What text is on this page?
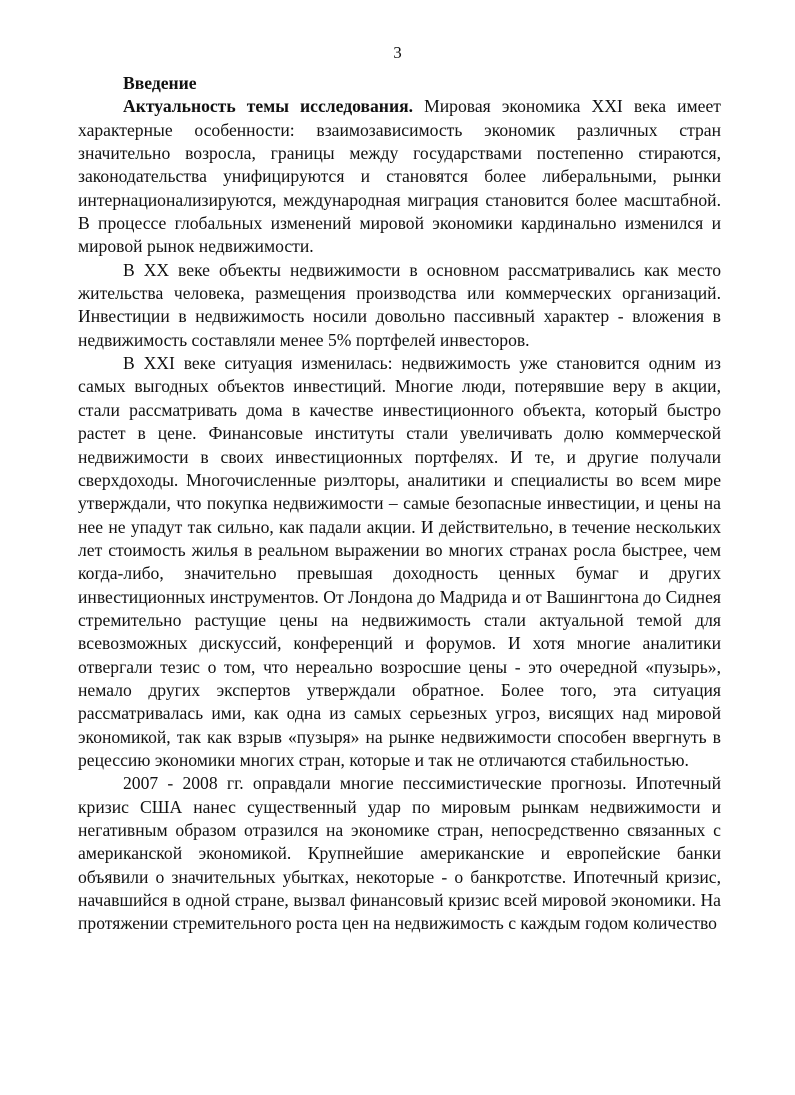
3
Введение

Актуальность темы исследования. Мировая экономика XXI века имеет характерные особенности: взаимозависимость экономик различных стран значительно возросла, границы между государствами постепенно стираются, законодательства унифицируются и становятся более либеральными, рынки интернационализируются, международная миграция становится более масштабной. В процессе глобальных изменений мировой экономики кардинально изменился и мировой рынок недвижимости.

В XX веке объекты недвижимости в основном рассматривались как место жительства человека, размещения производства или коммерческих организаций. Инвестиции в недвижимость носили довольно пассивный характер - вложения в недвижимость составляли менее 5% портфелей инвесторов.

В XXI веке ситуация изменилась: недвижимость уже становится одним из самых выгодных объектов инвестиций. Многие люди, потерявшие веру в акции, стали рассматривать дома в качестве инвестиционного объекта, который быстро растет в цене. Финансовые институты стали увеличивать долю коммерческой недвижимости в своих инвестиционных портфелях. И те, и другие получали сверхдоходы. Многочисленные риэлторы, аналитики и специалисты во всем мире утверждали, что покупка недвижимости – самые безопасные инвестиции, и цены на нее не упадут так сильно, как падали акции. И действительно, в течение нескольких лет стоимость жилья в реальном выражении во многих странах росла быстрее, чем когда-либо, значительно превышая доходность ценных бумаг и других инвестиционных инструментов. От Лондона до Мадрида и от Вашингтона до Сиднея стремительно растущие цены на недвижимость стали актуальной темой для всевозможных дискуссий, конференций и форумов. И хотя многие аналитики отвергали тезис о том, что нереально возросшие цены - это очередной «пузырь», немало других экспертов утверждали обратное. Более того, эта ситуация рассматривалась ими, как одна из самых серьезных угроз, висящих над мировой экономикой, так как взрыв «пузыря» на рынке недвижимости способен ввергнуть в рецессию экономики многих стран, которые и так не отличаются стабильностью.

2007 - 2008 гг. оправдали многие пессимистические прогнозы. Ипотечный кризис США нанес существенный удар по мировым рынкам недвижимости и негативным образом отразился на экономике стран, непосредственно связанных с американской экономикой. Крупнейшие американские и европейские банки объявили о значительных убытках, некоторые - о банкротстве. Ипотечный кризис, начавшийся в одной стране, вызвал финансовый кризис всей мировой экономики. На протяжении стремительного роста цен на недвижимость с каждым годом количество
